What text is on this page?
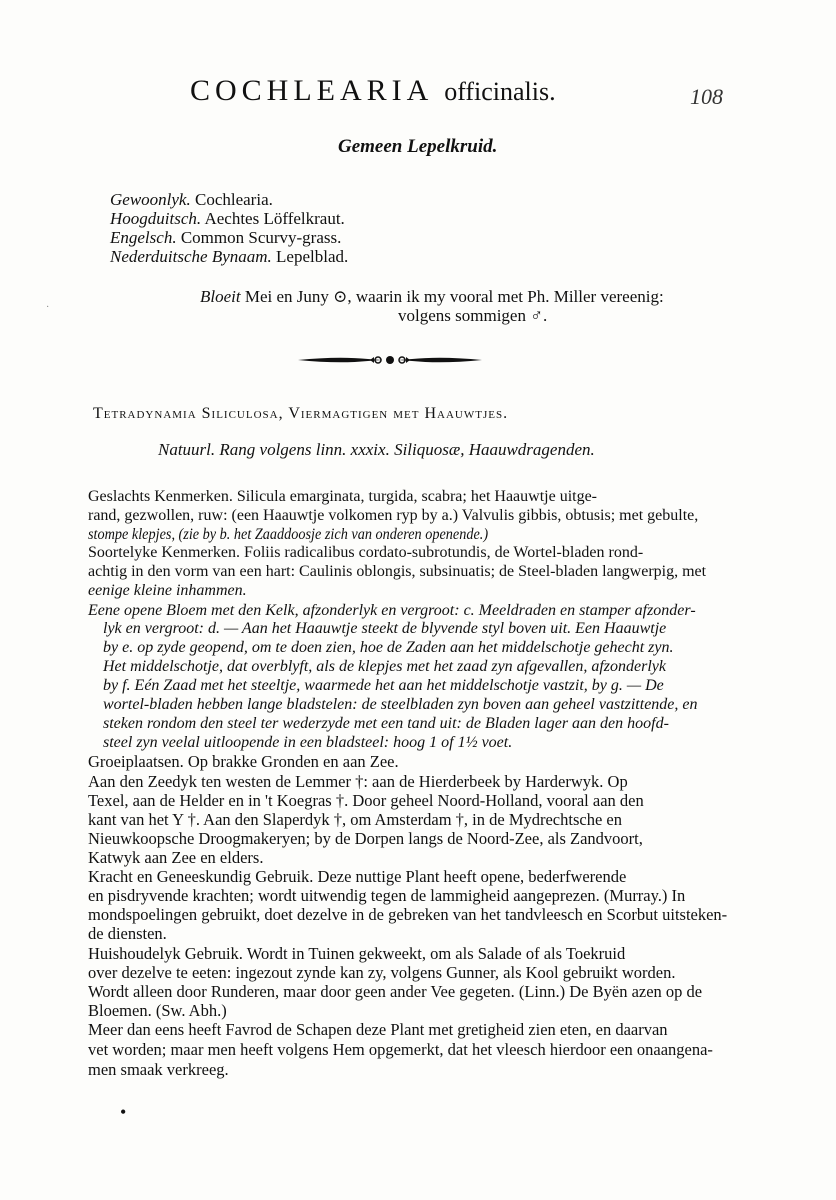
COCHLEARIA officinalis.	108
Gemeen Lepelkruid.
Gewoonlyk. Cochlearia.
Hoogduitsch. Aechtes Löffelkraut.
Engelsch. Common Scurvy-grass.
Nederduitsche Bynaam. Lepelblad.
Bloeit Mei en Juny ⊙, waarin ik my vooral met Ph. Miller vereenig:
volgens sommigen ♂.
Tetradynamia Siliculosa, Viermagtigen met Haauwtjes.
Natuurl. Rang volgens linn. xxxix. Siliquosæ, Haauwdragenden.
Geslachts Kenmerken. Silicula emarginata, turgida, scabra; het Haauwtje uitge-
rand, gezwollen, ruw: (een Haauwtje volkomen ryp by a.) Valvulis gibbis, obtusis; met gebulte,
stompe klepjes, (zie by b. het Zaaddoosje zich van onderen openende.)
Soortelyke Kenmerken. Foliis radicalibus cordato-subrotundis, de Wortel-bladen rond-
achtig in den vorm van een hart: Caulinis oblongis, subsinuatis; de Steel-bladen langwerpig, met
eenige kleine inhammen.
Eene opene Bloem met den Kelk, afzonderlyk en vergroot: c. Meeldraden en stamper afzonder-
lyk en vergroot: d. — Aan het Haauwtje steekt de blyvende styl boven uit. Een Haauwtje
by e. op zyde geopend, om te doen zien, hoe de Zaden aan het middelschotje gehecht zyn.
Het middelschotje, dat overblyft, als de klepjes met het zaad zyn afgevallen, afzonderlyk
by f. Eén Zaad met het steeltje, waarmede het aan het middelschotje vastzit, by g. — De
wortel-bladen hebben lange bladstelen: de steelbladen zyn boven aan geheel vastzittende, en
steken rondom den steel ter wederzyde met een tand uit: de Bladen lager aan den hoofd-
steel zyn veelal uitloopende in een bladsteel: hoog 1 of 1½ voet.
Groeiplaatsen. Op brakke Gronden en aan Zee.
Aan den Zeedyk ten westen de Lemmer †: aan de Hierderbeek by Harderwyk. Op
Texel, aan de Helder en in 't Koegras †. Door geheel Noord-Holland, vooral aan den
kant van het Y †. Aan den Slaperdyk †, om Amsterdam †, in de Mydrechtsche en
Nieuwkoopsche Droogmakeryen; by de Dorpen langs de Noord-Zee, als Zandvoort,
Katwyk aan Zee en elders.
Kracht en Geneeskundig Gebruik. Deze nuttige Plant heeft opene, bederfwerende
en pisdryvende krachten; wordt uitwendig tegen de lammigheid aangeprezen. (Murray.) In
mondspoelingen gebruikt, doet dezelve in de gebreken van het tandvleesch en Scorbut uitsteken-
de diensten.
Huishoudelyk Gebruik. Wordt in Tuinen gekweekt, om als Salade of als Toekruid
over dezelve te eeten: ingezout zynde kan zy, volgens Gunner, als Kool gebruikt worden.
Wordt alleen door Runderen, maar door geen ander Vee gegeten. (Linn.) De Byën azen op de
Bloemen. (Sw. Abh.)
Meer dan eens heeft Favrod de Schapen deze Plant met gretigheid zien eten, en daarvan
vet worden; maar men heeft volgens Hem opgemerkt, dat het vleesch hierdoor een onaangena-
men smaak verkreeg.
·
•
